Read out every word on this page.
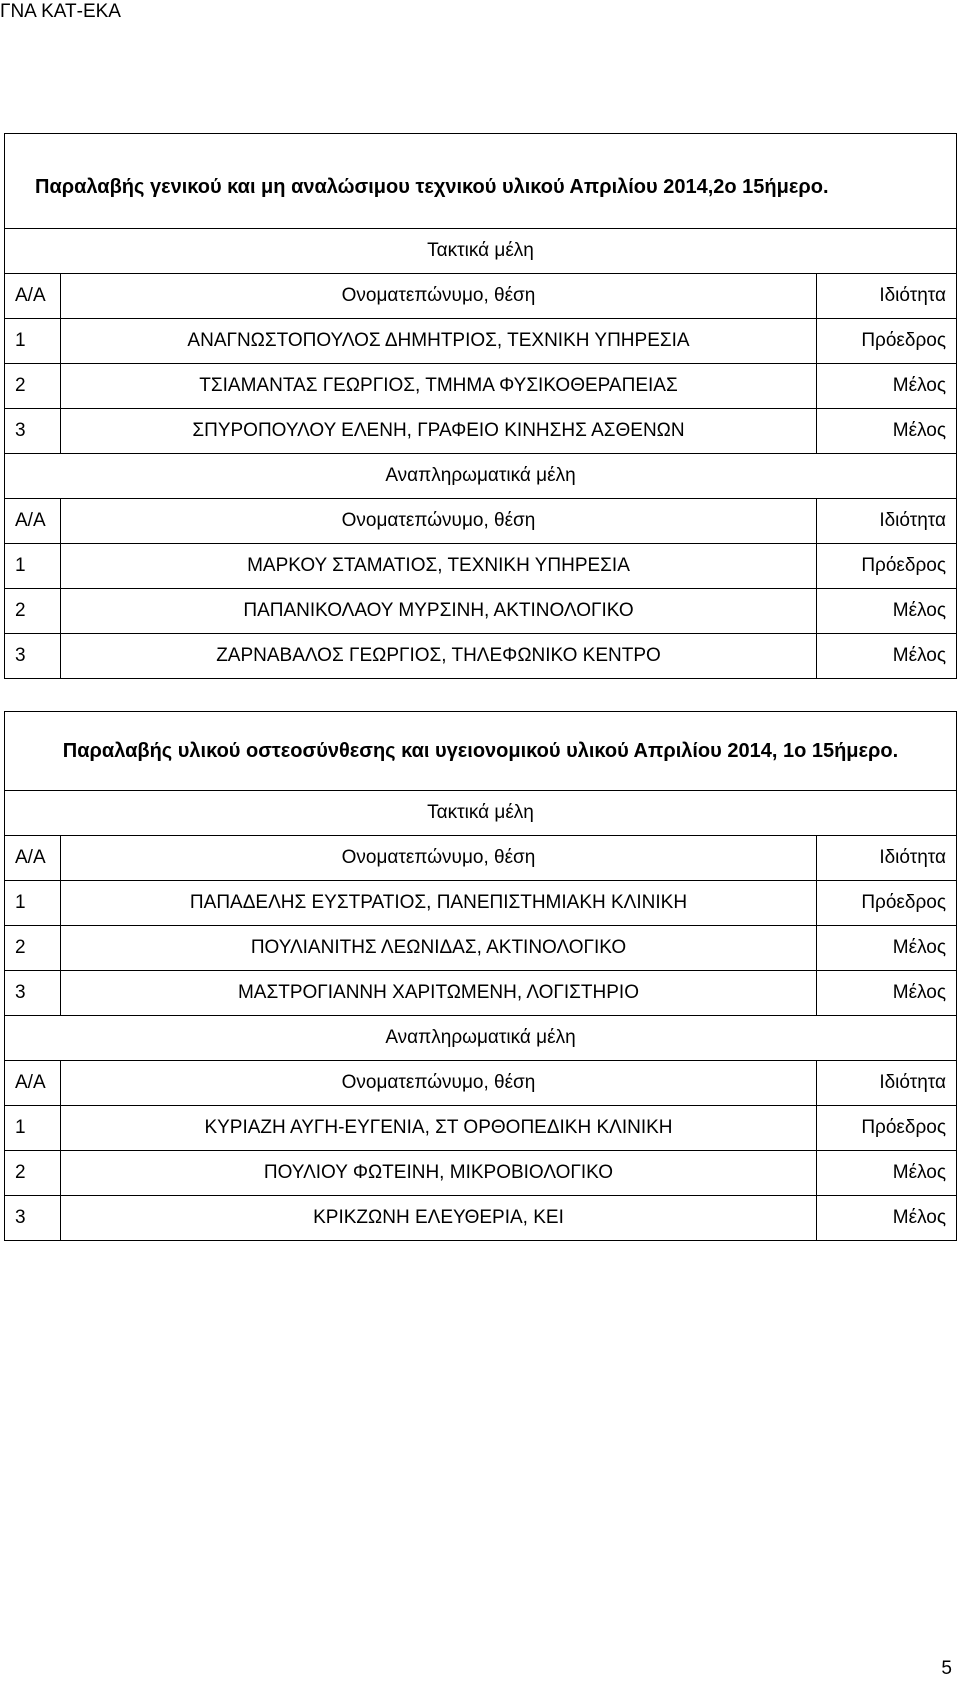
ΓΝΑ ΚΑΤ-ΕΚΑ
Παραλαβής γενικού και μη αναλώσιμου τεχνικού υλικού Απριλίου 2014,2ο 15ήμερο.		
Τακτικά μέλη		
Α/Α	Ονοματεπώνυμο, θέση	Ιδιότητα
1	ΑΝΑΓΝΩΣΤΟΠΟΥΛΟΣ ΔΗΜΗΤΡΙΟΣ, ΤΕΧΝΙΚΗ ΥΠΗΡΕΣΙΑ	Πρόεδρος
2	ΤΣΙΑΜΑΝΤΑΣ ΓΕΩΡΓΙΟΣ, ΤΜΗΜΑ ΦΥΣΙΚΟΘΕΡΑΠΕΙΑΣ	Μέλος
3	ΣΠΥΡΟΠΟΥΛΟΥ ΕΛΕΝΗ, ΓΡΑΦΕΙΟ ΚΙΝΗΣΗΣ ΑΣΘΕΝΩΝ	Μέλος
Αναπληρωματικά μέλη		
Α/Α	Ονοματεπώνυμο, θέση	Ιδιότητα
1	ΜΑΡΚΟΥ ΣΤΑΜΑΤΙΟΣ, ΤΕΧΝΙΚΗ ΥΠΗΡΕΣΙΑ	Πρόεδρος
2	ΠΑΠΑΝΙΚΟΛΑΟΥ ΜΥΡΣΙΝΗ, ΑΚΤΙΝΟΛΟΓΙΚΟ	Μέλος
3	ΖΑΡΝΑΒΑΛΟΣ ΓΕΩΡΓΙΟΣ, ΤΗΛΕΦΩΝΙΚΟ ΚΕΝΤΡΟ	Μέλος
Παραλαβής υλικού οστεοσύνθεσης και υγειονομικού υλικού Απριλίου 2014, 1ο 15ήμερο.		
Τακτικά μέλη		
Α/Α	Ονοματεπώνυμο, θέση	Ιδιότητα
1	ΠΑΠΑΔΕΛΗΣ ΕΥΣΤΡΑΤΙΟΣ, ΠΑΝΕΠΙΣΤΗΜΙΑΚΗ ΚΛΙΝΙΚΗ	Πρόεδρος
2	ΠΟΥΛΙΑΝΙΤΗΣ ΛΕΩΝΙΔΑΣ, ΑΚΤΙΝΟΛΟΓΙΚΟ	Μέλος
3	ΜΑΣΤΡΟΓΙΑΝΝΗ ΧΑΡΙΤΩΜΕΝΗ, ΛΟΓΙΣΤΗΡΙΟ	Μέλος
Αναπληρωματικά μέλη		
Α/Α	Ονοματεπώνυμο, θέση	Ιδιότητα
1	ΚΥΡΙΑΖΗ ΑΥΓΗ-ΕΥΓΕΝΙΑ, ΣΤ ΟΡΘΟΠΕΔΙΚΗ ΚΛΙΝΙΚΗ	Πρόεδρος
2	ΠΟΥΛΙΟΥ ΦΩΤΕΙΝΗ, ΜΙΚΡΟΒΙΟΛΟΓΙΚΟ	Μέλος
3	ΚΡΙΚΖΩΝΗ ΕΛΕΥΘΕΡΙΑ, ΚΕΙ	Μέλος
5
